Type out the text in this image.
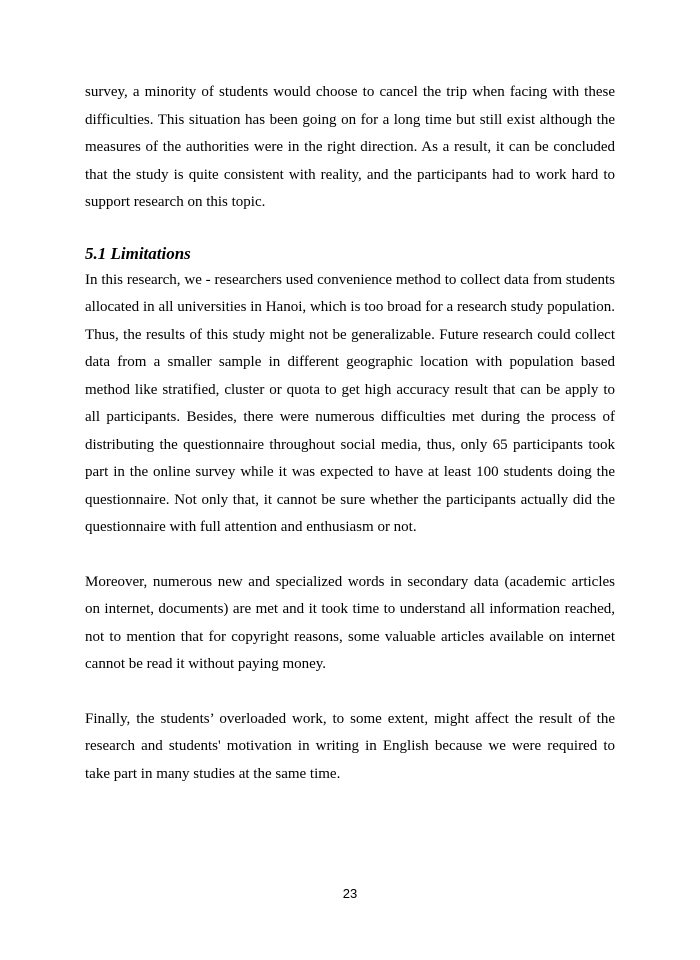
survey, a minority of students would choose to cancel the trip when facing with these difficulties. This situation has been going on for a long time but still exist although the measures of the authorities were in the right direction. As a result, it can be concluded that the study is quite consistent with reality, and the participants had to work hard to support research on this topic.

5.1 Limitations

In this research, we - researchers used convenience method to collect data from students allocated in all universities in Hanoi, which is too broad for a research study population. Thus, the results of this study might not be generalizable. Future research could collect data from a smaller sample in different geographic location with population based method like stratified, cluster or quota to get high accuracy result that can be apply to all participants. Besides, there were numerous difficulties met during the process of distributing the questionnaire throughout social media, thus, only 65 participants took part in the online survey while it was expected to have at least 100 students doing the questionnaire. Not only that, it cannot be sure whether the participants actually did the questionnaire with full attention and enthusiasm or not.

Moreover, numerous new and specialized words in secondary data (academic articles on internet, documents) are met and it took time to understand all information reached, not to mention that for copyright reasons, some valuable articles available on internet cannot be read it without paying money.

Finally, the students’ overloaded work, to some extent, might affect the result of the research and students' motivation in writing in English because we were required to take part in many studies at the same time.

23
